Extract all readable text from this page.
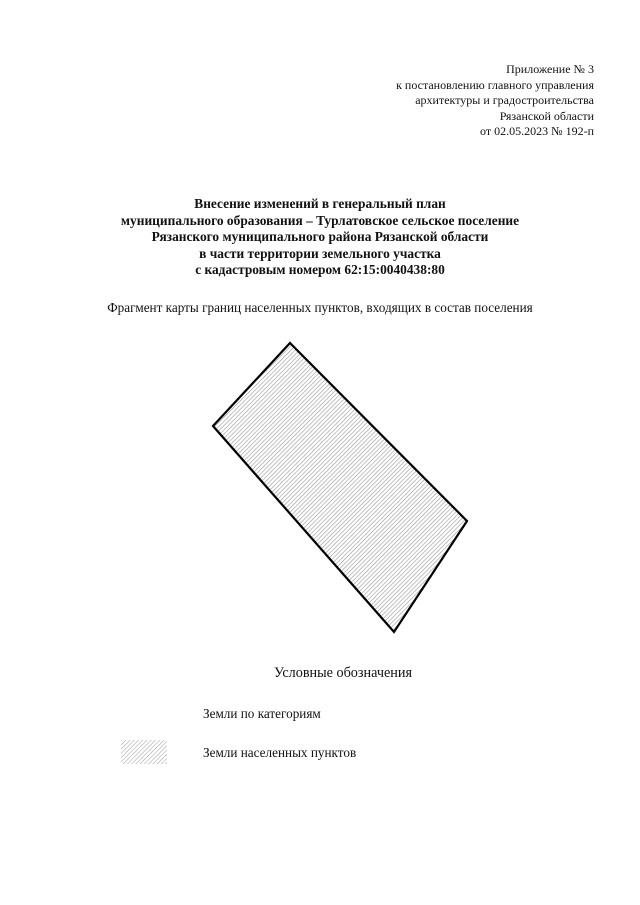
Приложение № 3
к постановлению главного управления
архитектуры и градостроительства
Рязанской области
от 02.05.2023 № 192-п
Внесение изменений в генеральный план
муниципального образования – Турлатовское сельское поселение
Рязанского муниципального района Рязанской области
в части территории земельного участка
с кадастровым номером 62:15:0040438:80
Фрагмент карты границ населенных пунктов, входящих в состав поселения
Условные обозначения
Земли по категориям
Земли населенных пунктов
